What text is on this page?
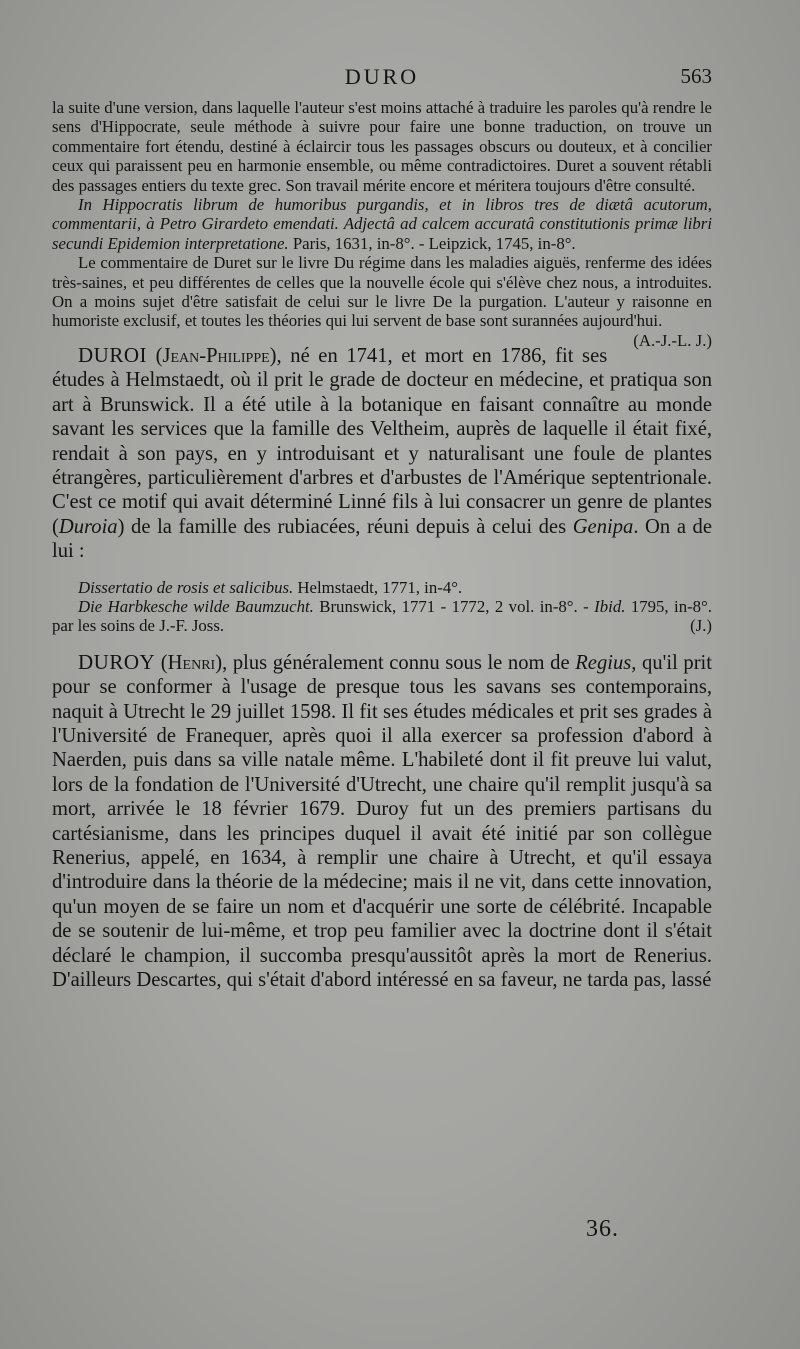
DURO	563

la suite d'une version, dans laquelle l'auteur s'est moins attaché à traduire les paroles qu'à rendre le sens d'Hippocrate, seule méthode à suivre pour faire une bonne traduction, on trouve un commentaire fort étendu, destiné à éclaircir tous les passages obscurs ou douteux, et à concilier ceux qui paraissent peu en harmonie ensemble, ou même contradictoires. Duret a souvent rétabli des passages entiers du texte grec. Son travail mérite encore et méritera toujours d'être consulté.

In Hippocratis librum de humoribus purgandis, et in libros tres de diætâ acutorum, commentarii, à Petro Girardeto emendati. Adjectâ ad calcem accuratâ constitutionis primæ libri secundi Epidemion interpretatione. Paris, 1631, in-8°. - Leipzick, 1745, in-8°.

Le commentaire de Duret sur le livre Du régime dans les maladies aiguës, renferme des idées très-saines, et peu différentes de celles que la nouvelle école qui s'élève chez nous, a introduites. On a moins sujet d'être satisfait de celui sur le livre De la purgation. L'auteur y raisonne en humoriste exclusif, et toutes les théories qui lui servent de base sont surannées aujourd'hui.
(A.-J.-L. J.)

DUROI (Jean-Philippe), né en 1741, et mort en 1786, fit ses études à Helmstaedt, où il prit le grade de docteur en médecine, et pratiqua son art à Brunswick. Il a été utile à la botanique en faisant connaître au monde savant les services que la famille des Veltheim, auprès de laquelle il était fixé, rendait à son pays, en y introduisant et y naturalisant une foule de plantes étrangères, particulièrement d'arbres et d'arbustes de l'Amérique septentrionale. C'est ce motif qui avait déterminé Linné fils à lui consacrer un genre de plantes (Duroia) de la famille des rubiacées, réuni depuis à celui des Genipa. On a de lui :

Dissertatio de rosis et salicibus. Helmstaedt, 1771, in-4°.

Die Harbkesche wilde Baumzucht. Brunswick, 1771 - 1772, 2 vol. in-8°. - Ibid. 1795, in-8°. par les soins de J.-F. Joss.	(J.)

DUROY (Henri), plus généralement connu sous le nom de Regius, qu'il prit pour se conformer à l'usage de presque tous les savans ses contemporains, naquit à Utrecht le 29 juillet 1598. Il fit ses études médicales et prit ses grades à l'Université de Franequer, après quoi il alla exercer sa profession d'abord à Naerden, puis dans sa ville natale même. L'habileté dont il fit preuve lui valut, lors de la fondation de l'Université d'Utrecht, une chaire qu'il remplit jusqu'à sa mort, arrivée le 18 février 1679. Duroy fut un des premiers partisans du cartésianisme, dans les principes duquel il avait été initié par son collègue Renerius, appelé, en 1634, à remplir une chaire à Utrecht, et qu'il essaya d'introduire dans la théorie de la médecine; mais il ne vit, dans cette innovation, qu'un moyen de se faire un nom et d'acquérir une sorte de célébrité. Incapable de se soutenir de lui-même, et trop peu familier avec la doctrine dont il s'était déclaré le champion, il succomba presqu'aussitôt après la mort de Renerius. D'ailleurs Descartes, qui s'était d'abord intéressé en sa faveur, ne tarda pas, lassé

36.
